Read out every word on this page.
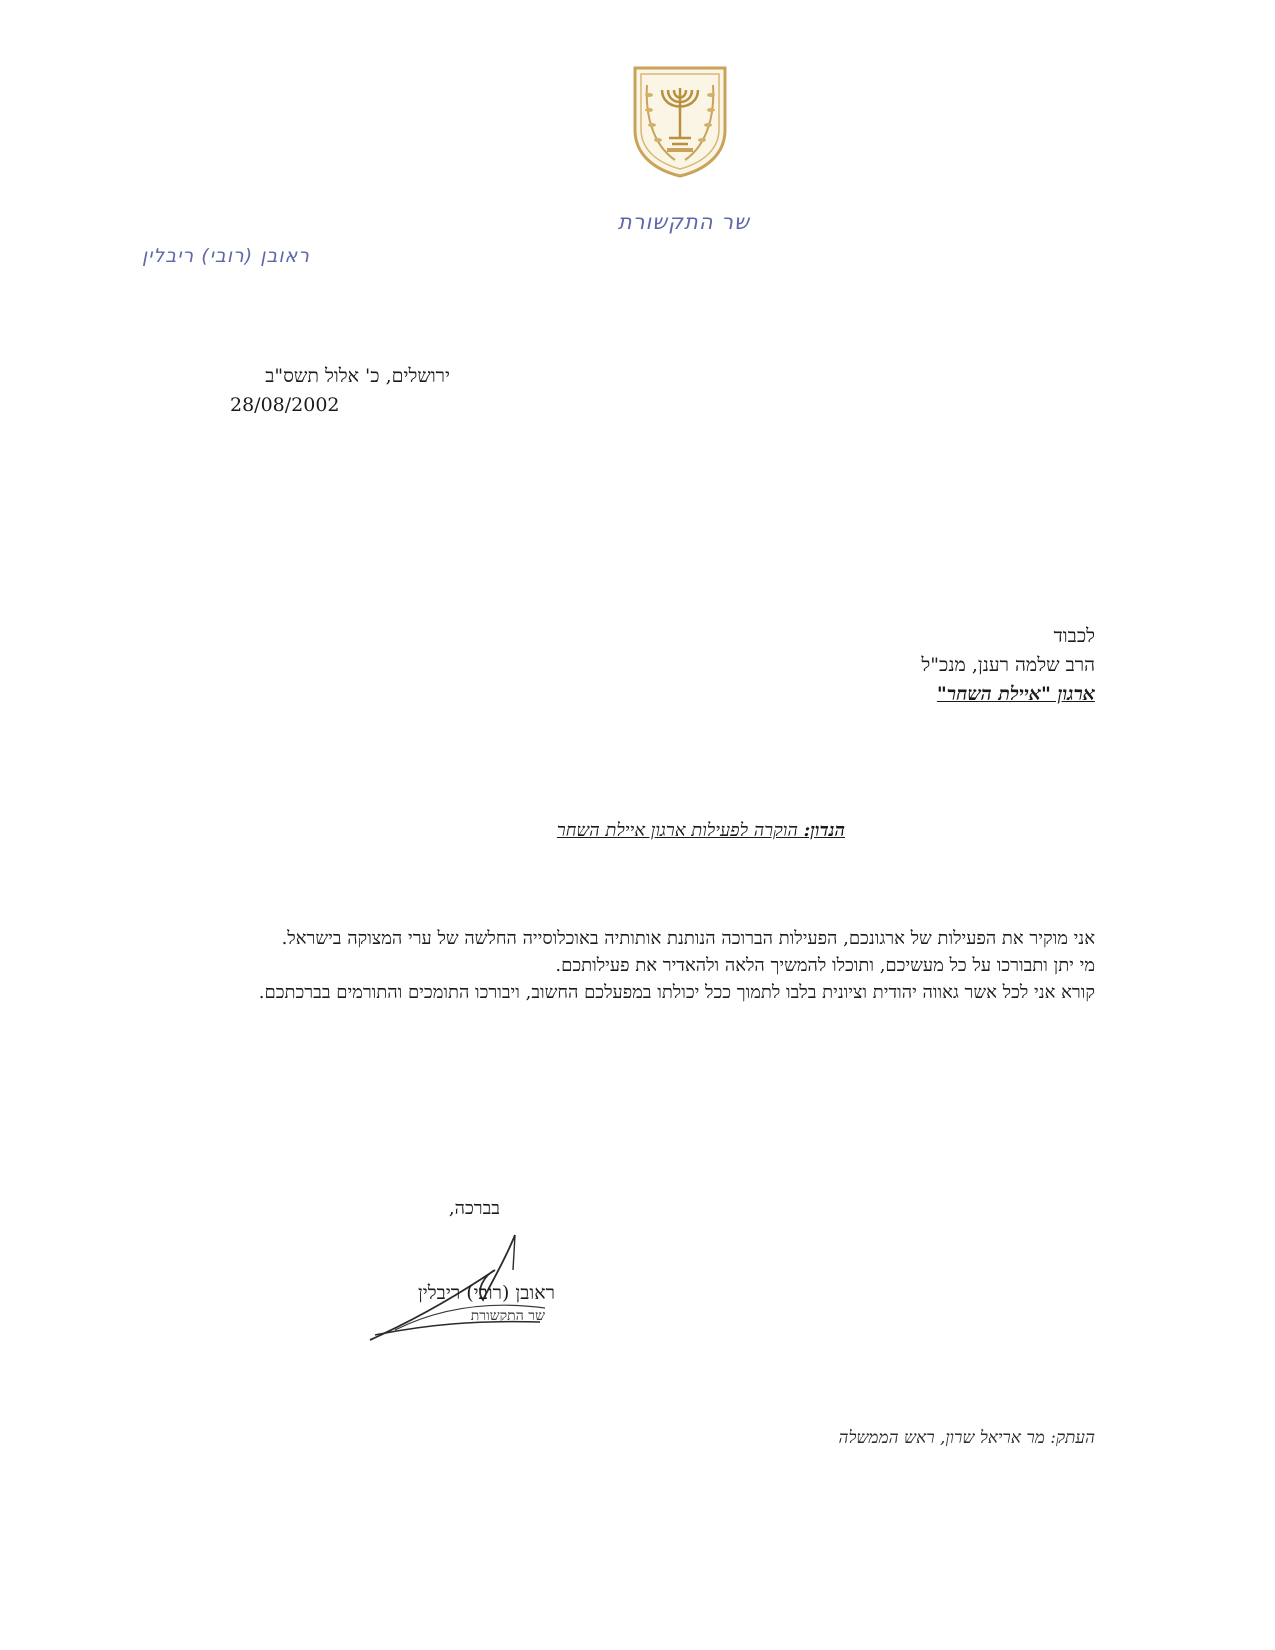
שר התקשורת
ראובן (רובי) ריבלין
ירושלים, כ' אלול תשס"ב
28/08/2002
לכבוד
הרב שלמה רענן, מנכ"ל
ארגון "איילת השחר"
הנדון: הוקרה לפעילות ארגון איילת השחר

אני מוקיר את הפעילות של ארגונכם, הפעילות הברוכה הנותנת אותותיה באוכלוסייה החלשה של ערי המצוקה בישראל.

מי יתן ותבורכו על כל מעשיכם, ותוכלו להמשיך הלאה ולהאדיר את פעילותכם.

קורא אני לכל אשר גאווה יהודית וציונית בלבו לתמוך ככל יכולתו במפעלכם החשוב, ויבורכו התומכים והתורמים בברכתכם.

בברכה,
ראובן (רובי) ריבלין
שר התקשורת
העתק: מר אריאל שרון, ראש הממשלה
